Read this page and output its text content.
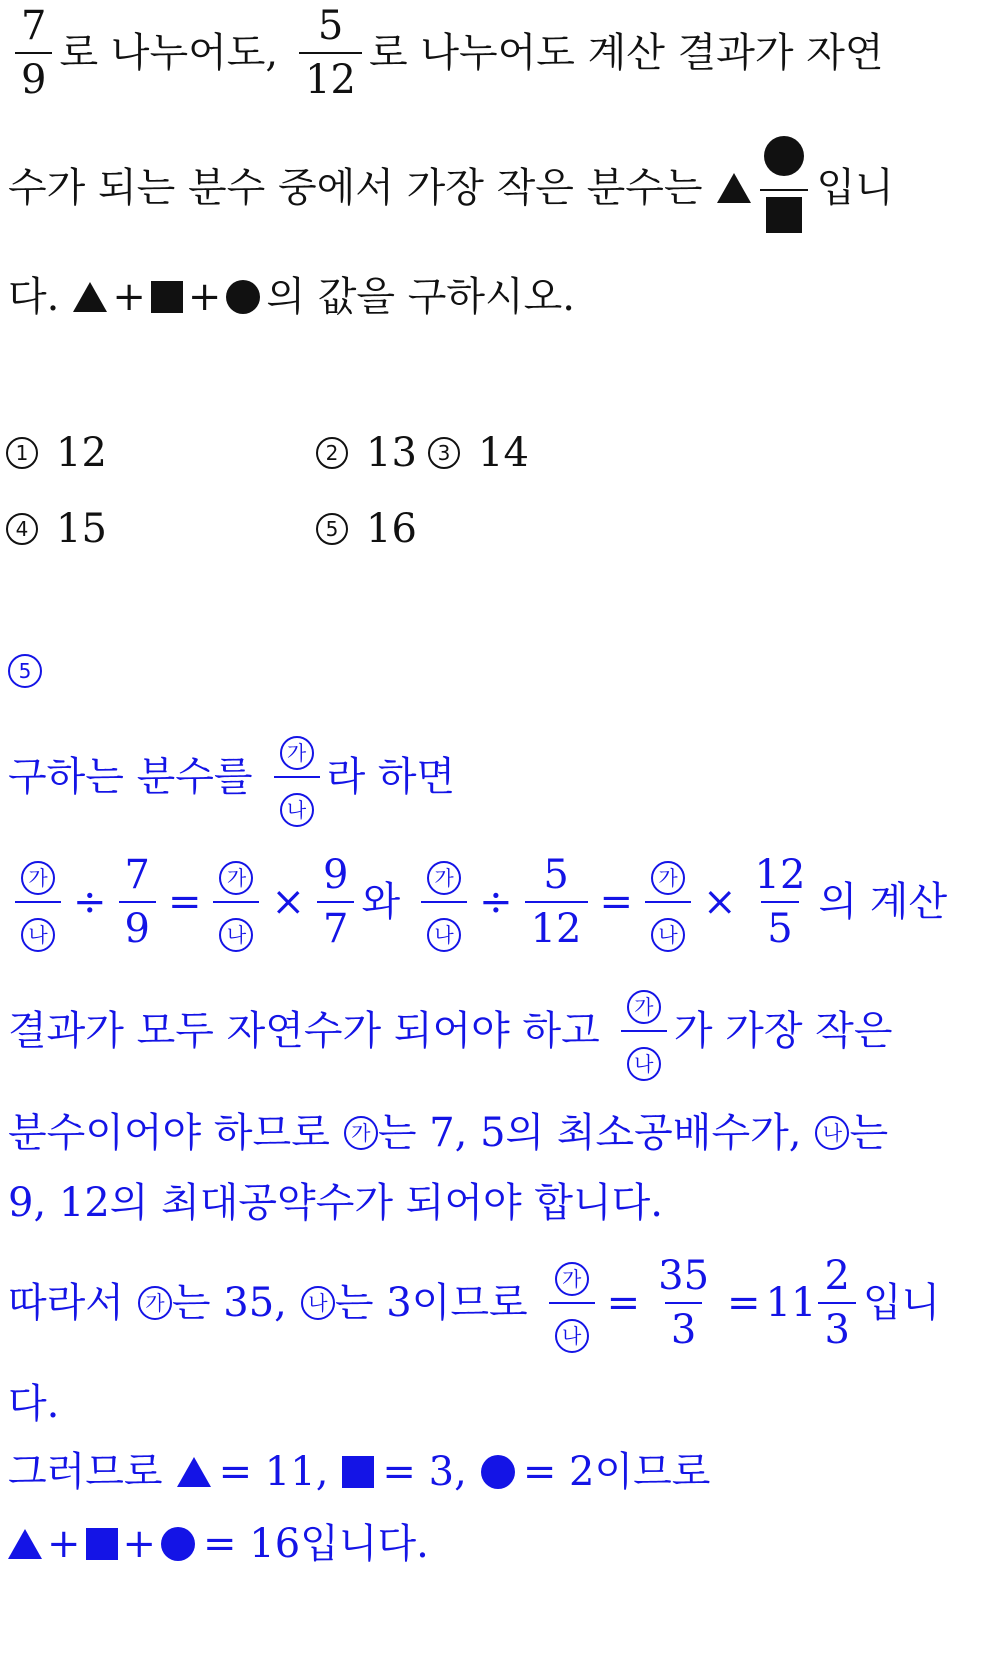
$\frac{7}{9}$ 로 나누어도, $\frac{5}{12}$ 로 나누어도 계산 결과가 자연
수가 되는 분수 중에서 가장 작은 분수는	입니
다. + + 의 값을 구하시오.
1 12	2 13	3 14
4 15	5 16
5
구하는 분수를 $\frac{\text{가}}{\text{나}}$ 라 하면
$\frac{\text{가}}{\text{나}} \div \frac{7}{9} = \frac{\text{가}}{\text{나}} \times \frac{9}{7}$ 와 $\frac{\text{가}}{\text{나}} \div \frac{5}{12} = \frac{\text{가}}{\text{나}} \times \frac{12}{5}$ 의 계산
결과가 모두 자연수가 되어야 하고 $\frac{\text{가}}{\text{나}}$ 가 가장 작은
분수이어야 하므로	가 는 7, 5의 최소공배수가,	나 는
9, 12의 최대공약수가 되어야 합니다.
따라서	가 는 35,	나 는 3이므로 $\frac{\text{가}}{\text{나}} = \frac{35}{3} = 11 \frac{2}{3}$ 입니
다.
그러므로 = 11, = 3, = 2이므로
+ + = 16입니다.
